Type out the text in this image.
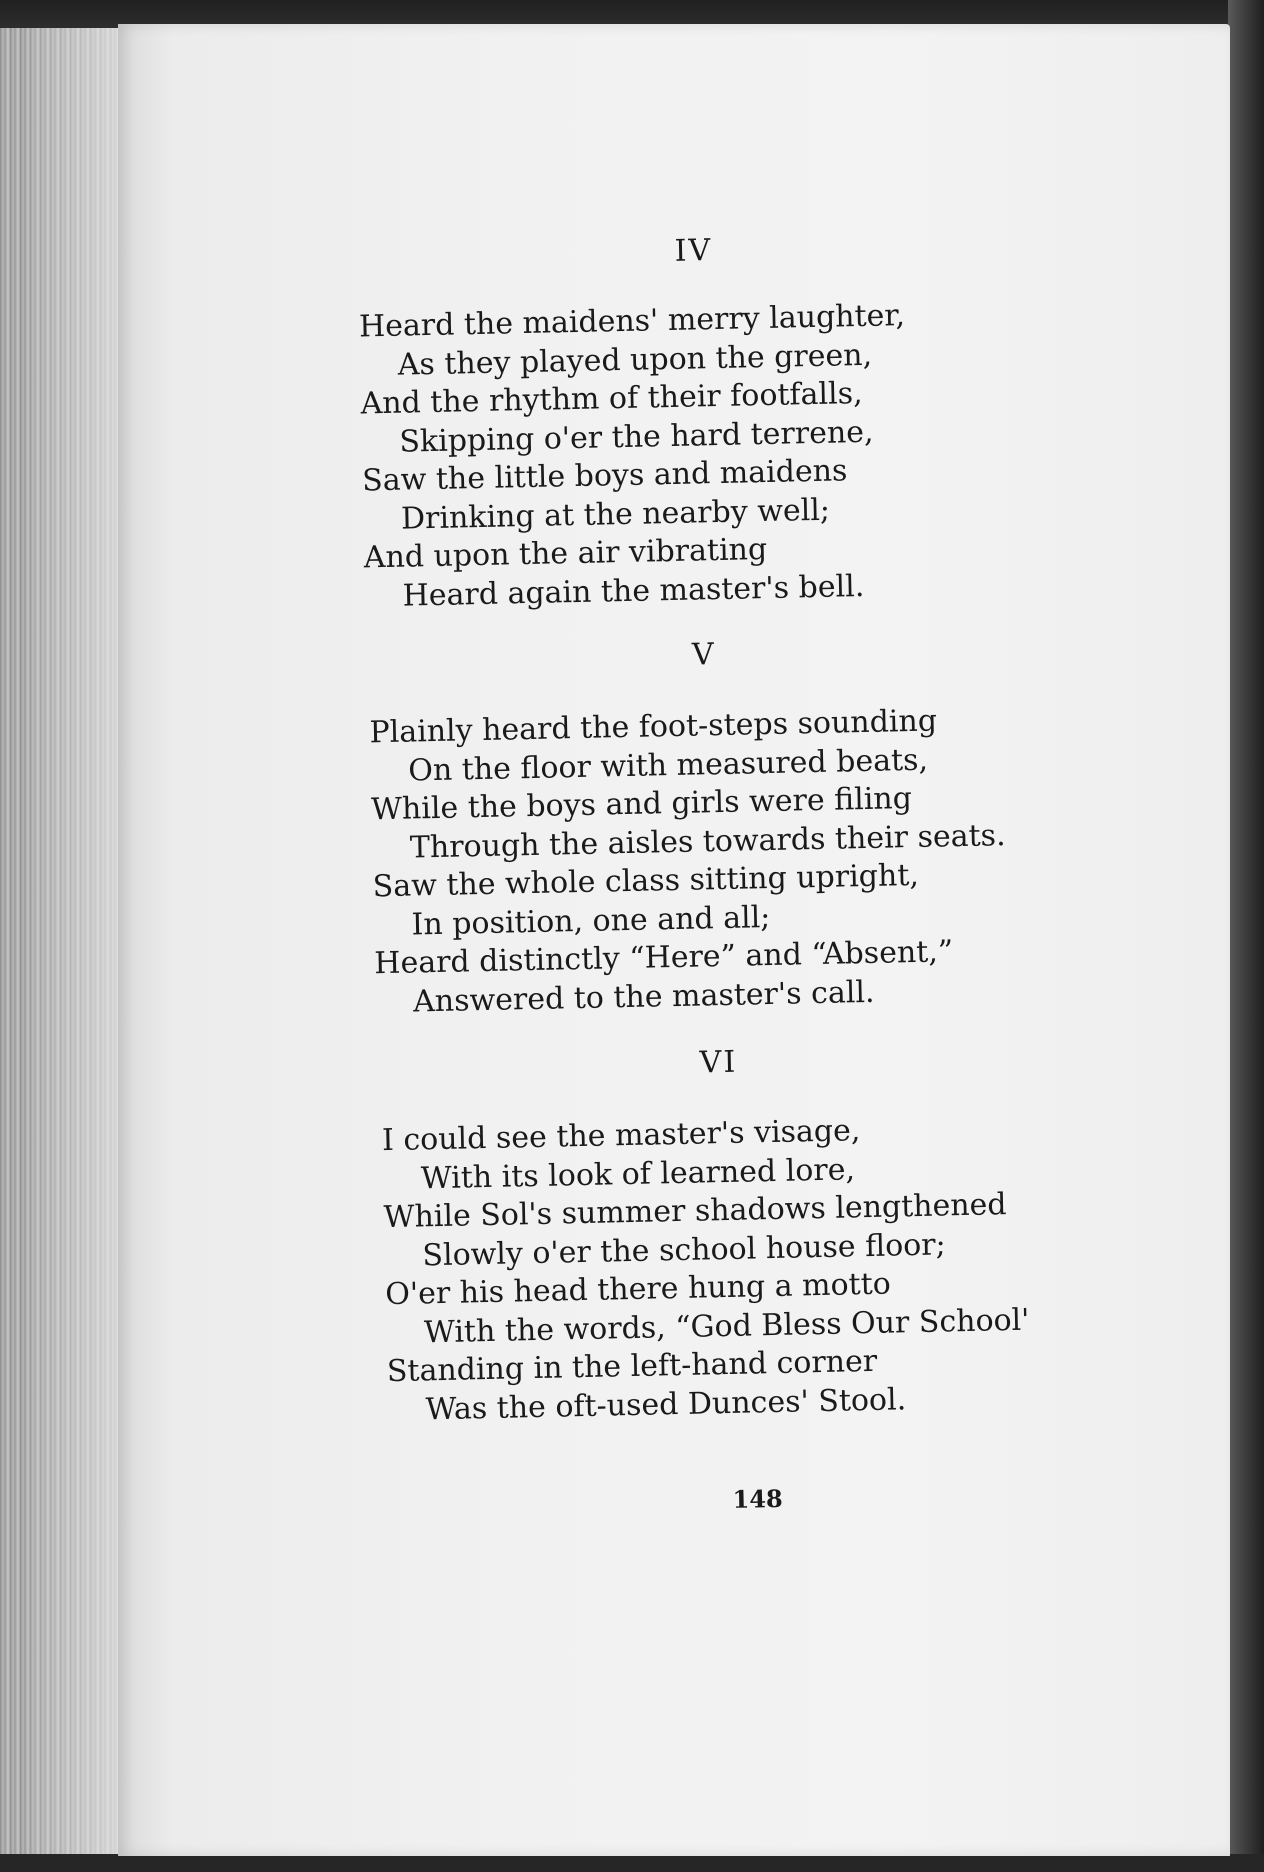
IV
Heard the maidens' merry laughter,
As they played upon the green,
And the rhythm of their footfalls,
Skipping o'er the hard terrene,
Saw the little boys and maidens
Drinking at the nearby well;
And upon the air vibrating
Heard again the master's bell.
V
Plainly heard the foot-steps sounding
On the floor with measured beats,
While the boys and girls were filing
Through the aisles towards their seats.
Saw the whole class sitting upright,
In position, one and all;
Heard distinctly “Here” and “Absent,”
Answered to the master's call.
VI
I could see the master's visage,
With its look of learned lore,
While Sol's summer shadows lengthened
Slowly o'er the school house floor;
O'er his head there hung a motto
With the words, “God Bless Our School'
Standing in the left-hand corner
Was the oft-used Dunces' Stool.
148
